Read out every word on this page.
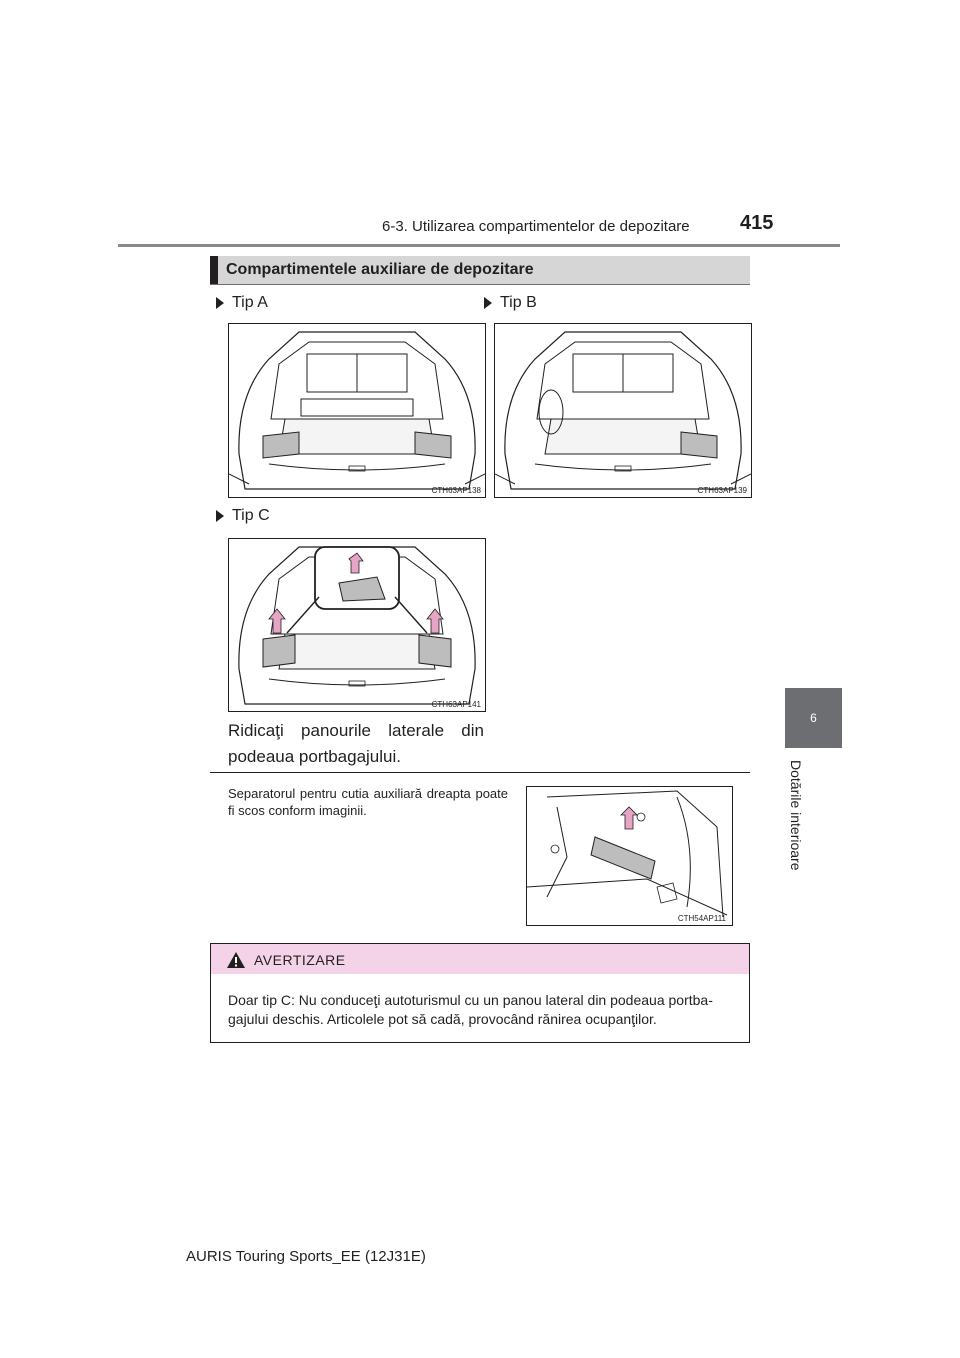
6-3. Utilizarea compartimentelor de depozitare	415
6
Dotările interioare
Compartimentele auxiliare de depozitare
Tip A
CTH63AP138
Tip B
CTH63AP139
Tip C
CTH63AP141
Ridicaţi panourile laterale din podeaua portbagajului.
Separatorul pentru cutia auxiliară dreapta poate fi scos conform imaginii.
CTH54AP111
AVERTIZARE
Doar tip C: Nu conduceţi autoturismul cu un panou lateral din podeaua portba-gajului deschis. Articolele pot să cadă, provocând rănirea ocupanţilor.
AURIS Touring Sports_EE (12J31E)
